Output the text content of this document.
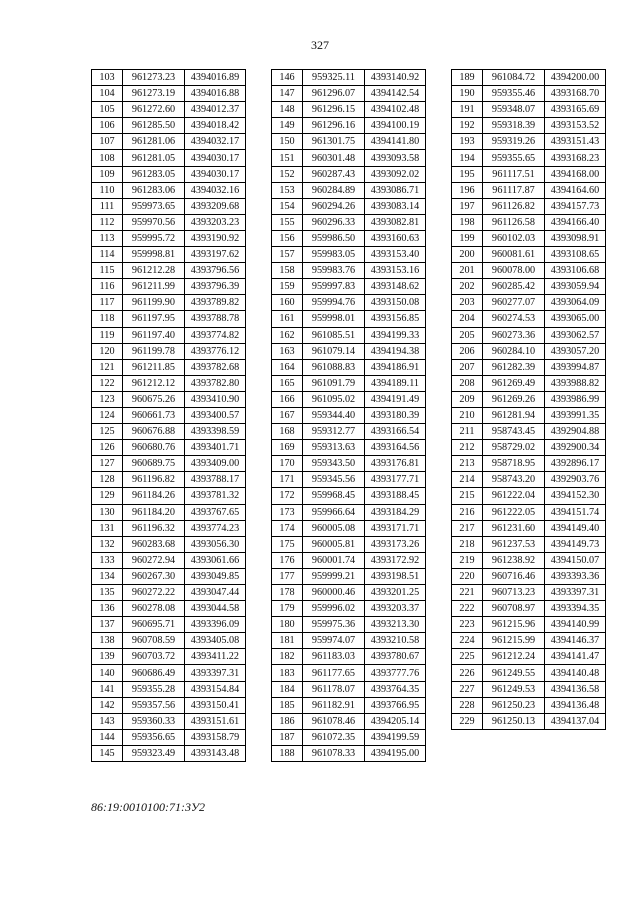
327
103	961273.23	4394016.89
104	961273.19	4394016.88
105	961272.60	4394012.37
106	961285.50	4394018.42
107	961281.06	4394032.17
108	961281.05	4394030.17
109	961283.05	4394030.17
110	961283.06	4394032.16
111	959973.65	4393209.68
112	959970.56	4393203.23
113	959995.72	4393190.92
114	959998.81	4393197.62
115	961212.28	4393796.56
116	961211.99	4393796.39
117	961199.90	4393789.82
118	961197.95	4393788.78
119	961197.40	4393774.82
120	961199.78	4393776.12
121	961211.85	4393782.68
122	961212.12	4393782.80
123	960675.26	4393410.90
124	960661.73	4393400.57
125	960676.88	4393398.59
126	960680.76	4393401.71
127	960689.75	4393409.00
128	961196.82	4393788.17
129	961184.26	4393781.32
130	961184.20	4393767.65
131	961196.32	4393774.23
132	960283.68	4393056.30
133	960272.94	4393061.66
134	960267.30	4393049.85
135	960272.22	4393047.44
136	960278.08	4393044.58
137	960695.71	4393396.09
138	960708.59	4393405.08
139	960703.72	4393411.22
140	960686.49	4393397.31
141	959355.28	4393154.84
142	959357.56	4393150.41
143	959360.33	4393151.61
144	959356.65	4393158.79
145	959323.49	4393143.48
146	959325.11	4393140.92
147	961296.07	4394142.54
148	961296.15	4394102.48
149	961296.16	4394100.19
150	961301.75	4394141.80
151	960301.48	4393093.58
152	960287.43	4393092.02
153	960284.89	4393086.71
154	960294.26	4393083.14
155	960296.33	4393082.81
156	959986.50	4393160.63
157	959983.05	4393153.40
158	959983.76	4393153.16
159	959997.83	4393148.62
160	959994.76	4393150.08
161	959998.01	4393156.85
162	961085.51	4394199.33
163	961079.14	4394194.38
164	961088.83	4394186.91
165	961091.79	4394189.11
166	961095.02	4394191.49
167	959344.40	4393180.39
168	959312.77	4393166.54
169	959313.63	4393164.56
170	959343.50	4393176.81
171	959345.56	4393177.71
172	959968.45	4393188.45
173	959966.64	4393184.29
174	960005.08	4393171.71
175	960005.81	4393173.26
176	960001.74	4393172.92
177	959999.21	4393198.51
178	960000.46	4393201.25
179	959996.02	4393203.37
180	959975.36	4393213.30
181	959974.07	4393210.58
182	961183.03	4393780.67
183	961177.65	4393777.76
184	961178.07	4393764.35
185	961182.91	4393766.95
186	961078.46	4394205.14
187	961072.35	4394199.59
188	961078.33	4394195.00
189	961084.72	4394200.00
190	959355.46	4393168.70
191	959348.07	4393165.69
192	959318.39	4393153.52
193	959319.26	4393151.43
194	959355.65	4393168.23
195	961117.51	4394168.00
196	961117.87	4394164.60
197	961126.82	4394157.73
198	961126.58	4394166.40
199	960102.03	4393098.91
200	960081.61	4393108.65
201	960078.00	4393106.68
202	960285.42	4393059.94
203	960277.07	4393064.09
204	960274.53	4393065.00
205	960273.36	4393062.57
206	960284.10	4393057.20
207	961282.39	4393994.87
208	961269.49	4393988.82
209	961269.26	4393986.99
210	961281.94	4393991.35
211	958743.45	4392904.88
212	958729.02	4392900.34
213	958718.95	4392896.17
214	958743.20	4392903.76
215	961222.04	4394152.30
216	961222.05	4394151.74
217	961231.60	4394149.40
218	961237.53	4394149.73
219	961238.92	4394150.07
220	960716.46	4393393.36
221	960713.23	4393397.31
222	960708.97	4393394.35
223	961215.96	4394140.99
224	961215.99	4394146.37
225	961212.24	4394141.47
226	961249.55	4394140.48
227	961249.53	4394136.58
228	961250.23	4394136.48
229	961250.13	4394137.04
86:19:0010100:71:3У2
